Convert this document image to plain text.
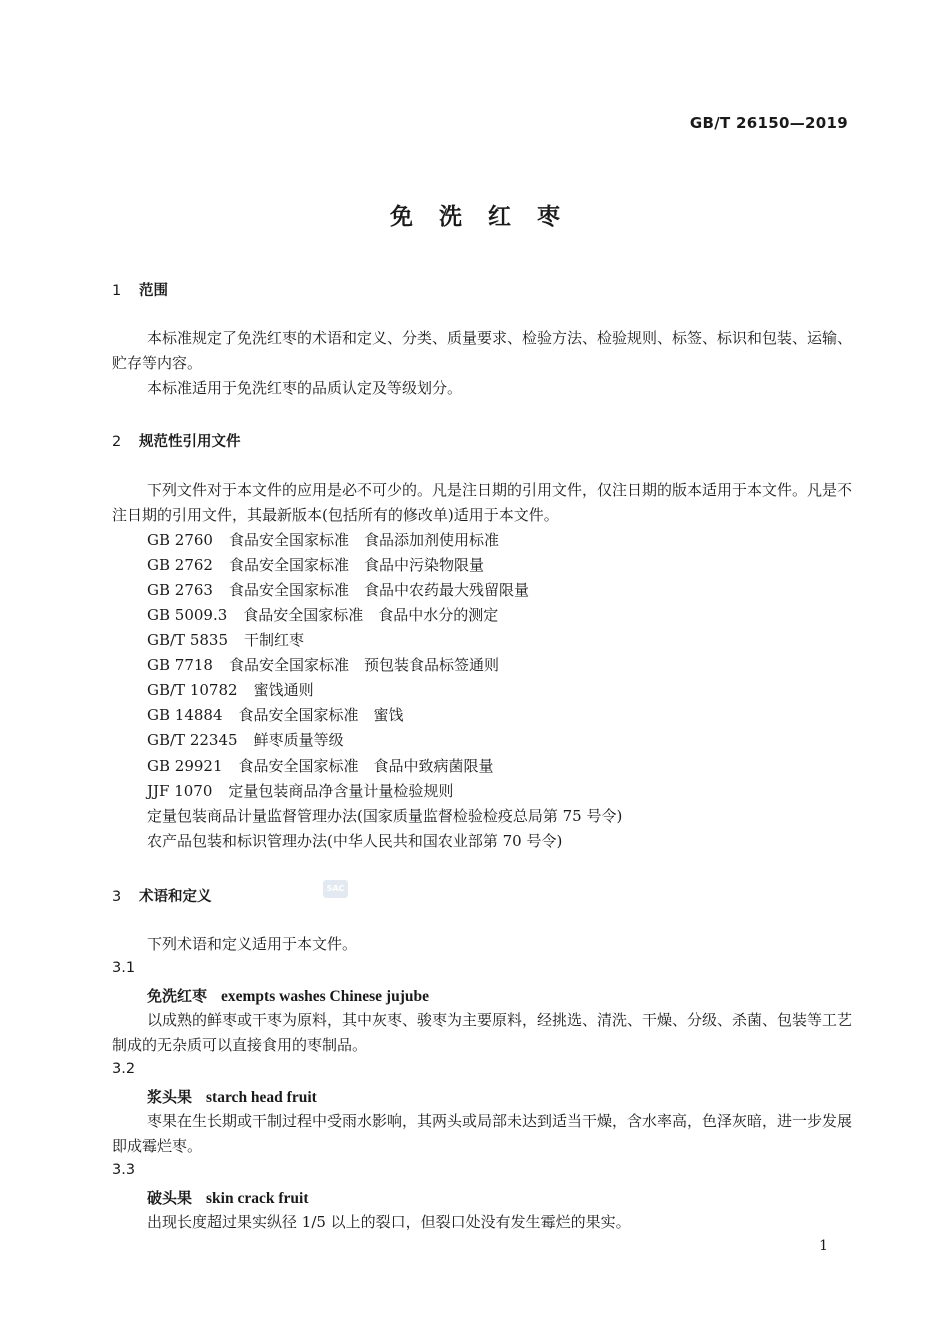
GB/T 26150—2019
免洗红枣
1 范围
本标准规定了免洗红枣的术语和定义、分类、质量要求、检验方法、检验规则、标签、标识和包装、运输、贮存等内容。
本标准适用于免洗红枣的品质认定及等级划分。
2 规范性引用文件
下列文件对于本文件的应用是必不可少的。凡是注日期的引用文件，仅注日期的版本适用于本文件。凡是不注日期的引用文件，其最新版本(包括所有的修改单)适用于本文件。
GB 2760 食品安全国家标准　食品添加剂使用标准
GB 2762 食品安全国家标准　食品中污染物限量
GB 2763 食品安全国家标准　食品中农药最大残留限量
GB 5009.3 食品安全国家标准　食品中水分的测定
GB/T 5835 干制红枣
GB 7718 食品安全国家标准　预包装食品标签通则
GB/T 10782 蜜饯通则
GB 14884 食品安全国家标准　蜜饯
GB/T 22345 鲜枣质量等级
GB 29921 食品安全国家标准　食品中致病菌限量
JJF 1070 定量包装商品净含量计量检验规则
定量包装商品计量监督管理办法(国家质量监督检验检疫总局第 75 号令)
农产品包装和标识管理办法(中华人民共和国农业部第 70 号令)
3 术语和定义
SAC
下列术语和定义适用于本文件。
3.1
免洗红枣 exempts washes Chinese jujube
以成熟的鲜枣或干枣为原料，其中灰枣、骏枣为主要原料，经挑选、清洗、干燥、分级、杀菌、包装等工艺制成的无杂质可以直接食用的枣制品。
3.2
浆头果 starch head fruit
枣果在生长期或干制过程中受雨水影响，其两头或局部未达到适当干燥，含水率高，色泽灰暗，进一步发展即成霉烂枣。
3.3
破头果 skin crack fruit
出现长度超过果实纵径 1/5 以上的裂口，但裂口处没有发生霉烂的果实。
1
